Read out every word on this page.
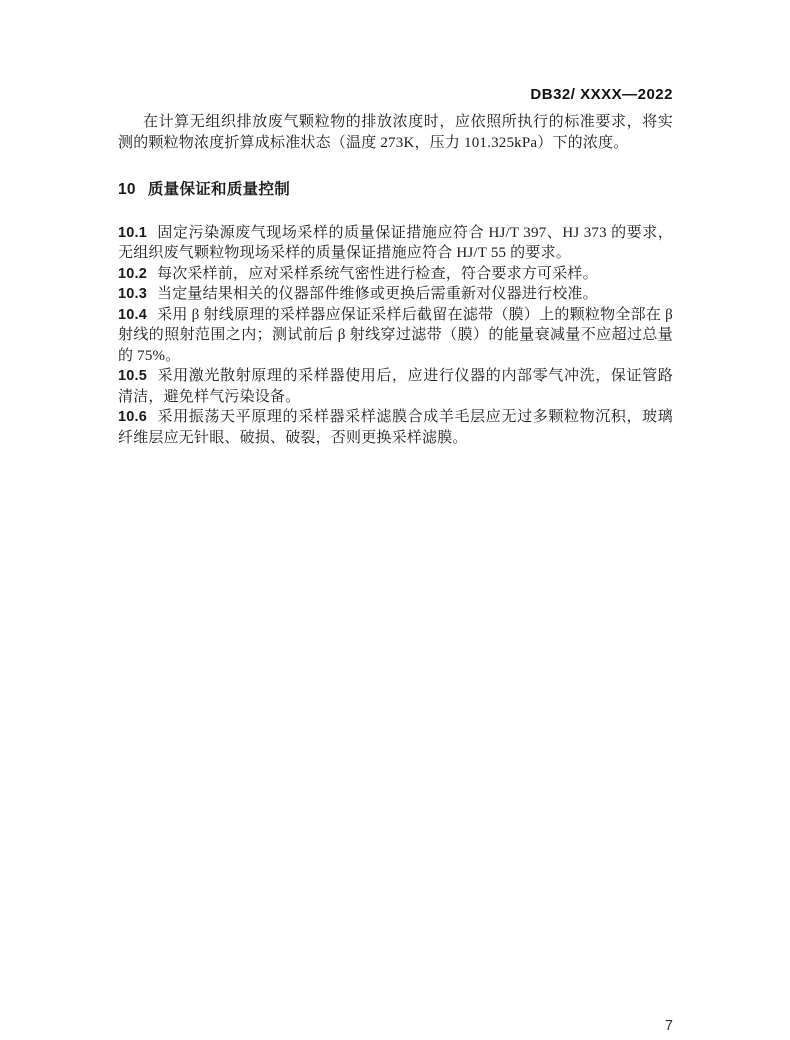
DB32/ XXXX—2022

在计算无组织排放废气颗粒物的排放浓度时，应依照所执行的标准要求，将实测的颗粒物浓度折算成标准状态（温度 273K，压力 101.325kPa）下的浓度。

10 质量保证和质量控制

10.1 固定污染源废气现场采样的质量保证措施应符合 HJ/T 397、HJ 373 的要求，无组织废气颗粒物现场采样的质量保证措施应符合 HJ/T 55 的要求。

10.2 每次采样前，应对采样系统气密性进行检查，符合要求方可采样。

10.3 当定量结果相关的仪器部件维修或更换后需重新对仪器进行校准。

10.4 采用 β 射线原理的采样器应保证采样后截留在滤带（膜）上的颗粒物全部在 β 射线的照射范围之内；测试前后 β 射线穿过滤带（膜）的能量衰减量不应超过总量的 75%。

10.5 采用激光散射原理的采样器使用后，应进行仪器的内部零气冲洗，保证管路清洁，避免样气污染设备。

10.6 采用振荡天平原理的采样器采样滤膜合成羊毛层应无过多颗粒物沉积，玻璃纤维层应无针眼、破损、破裂，否则更换采样滤膜。

7
